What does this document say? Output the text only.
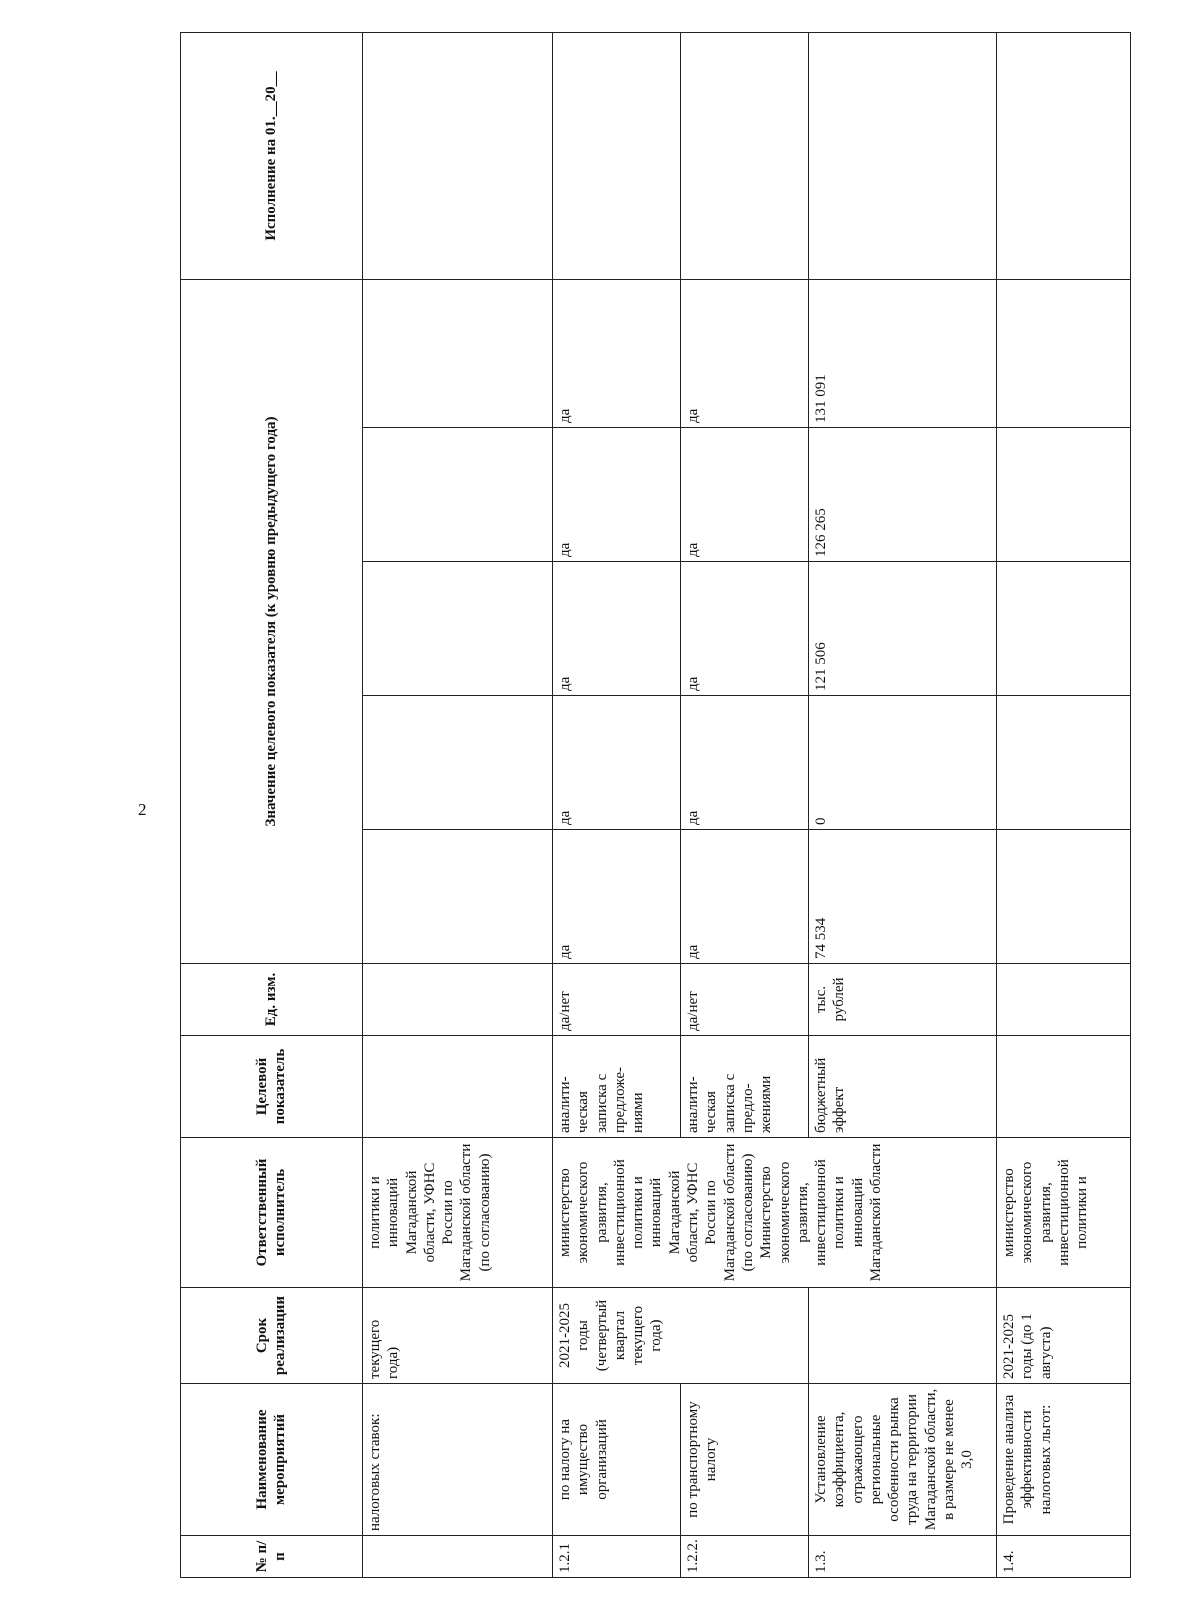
2
№ п/п	Наименование мероприятий	Срок реализации	Ответственный исполнитель	Целевой показатель	Ед. изм.	Значение целевого показателя (к уровню предыдущего года)					Исполнение на 01.__20__
	налоговых ставок:	текущего года)	политики и инноваций Магаданской области, УФНС России по Магаданской области (по согласованию)								
1.2.1	по налогу на имущество организаций	2021-2025 годы (четвертый квартал текущего года)	министерство экономического развития, инвестиционной политики и инноваций Магаданской области, УФНС России по Магаданской области (по согласованию) Министерство экономического развития, инвестиционной политики и инноваций Магаданской области	аналити-ческая записка с предложе-ниями	да/нет	да	да	да	да	да	
1.2.2.	по транспортному налогу			аналити-ческая записка с предло-жениями	да/нет	да	да	да	да	да	
1.3.	Установление коэффициента, отражающего региональные особенности рынка труда на территории Магаданской области, в размере не менее 3,0			бюджетный эффект	тыс. рублей	74 534	0	121 506	126 265	131 091	
1.4.	Проведение анализа эффективности налоговых льгот:	2021-2025 годы (до 1 августа)	министерство экономического развития, инвестиционной политики и								
